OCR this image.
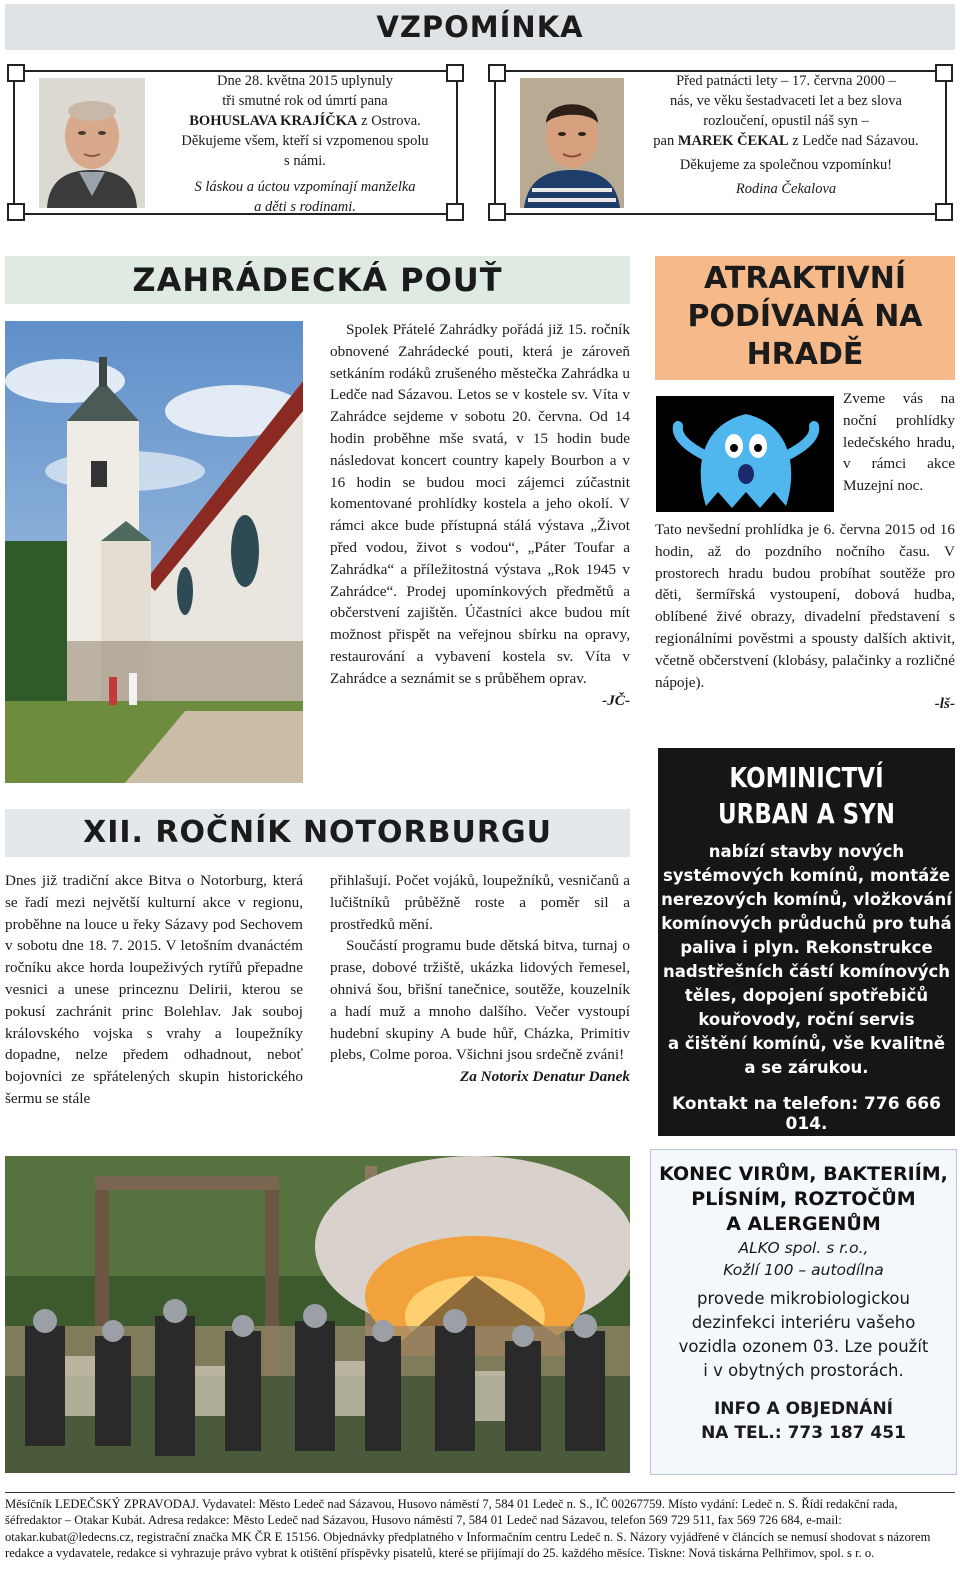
VZPOMÍNKA

Dne 28. května 2015 uplynuly

tři smutné rok od úmrtí pana

BOHUSLAVA KRAJÍČKA z Ostrova.

Děkujeme všem, kteří si vzpomenou spolu

s námi.

S láskou a úctou vzpomínají manželka

a děti s rodinami.

Před patnácti lety – 17. června 2000 –

nás, ve věku šestadvaceti let a bez slova

rozloučení, opustil náš syn –

pan MAREK ČEKAL z Ledče nad Sázavou.

Děkujeme za společnou vzpomínku!

Rodina Čekalova

ZAHRÁDECKÁ POUŤ

Spolek Přátelé Zahrádky pořádá již 15. ročník obnovené Zahrádecké pouti, která je zároveň setkáním rodáků zrušeného městečka Zahrádka u Ledče nad Sázavou. Letos se v kostele sv. Víta v Zahrádce sejdeme v sobotu 20. června. Od 14 hodin proběhne mše svatá, v 15 hodin bude následovat koncert country kapely Bourbon a v 16 hodin se budou moci zájemci zúčastnit komentované prohlídky kostela a jeho okolí. V rámci akce bude přístupná stálá výstava „Život před vodou, život s vodou“, „Páter Toufar a Zahrádka“ a příležitostná výstava „Rok 1945 v Zahrádce“. Prodej upomínkových předmětů a občerstvení zajištěn. Účastníci akce budou mít možnost přispět na veřejnou sbírku na opravy, restaurování a vybavení kostela sv. Víta v Zahrádce a seznámit se s průběhem oprav.

-JČ-

ATRAKTIVNÍ
PODÍVANÁ NA
HRADĚ

Zveme vás na noční prohlídky ledečského hradu, v rámci akce Muzejní noc.

Tato nevšední prohlídka je 6. června 2015 od 16 hodin, až do pozdního nočního času. V prostorech hradu budou probíhat soutěže pro děti, šermířská vystoupení, dobová hudba, oblíbené živé obrazy, divadelní představení s regionálními pověstmi a spousty dalších aktivit, včetně občerstvení (klobásy, palačinky a rozličné nápoje).

-lš-

XII. ROČNÍK NOTORBURGU

Dnes již tradiční akce Bitva o Notorburg, která se řadí mezi největší kulturní akce v regionu, proběhne na louce u řeky Sázavy pod Sechovem v sobotu dne 18. 7. 2015. V letošním dvanáctém ročníku akce horda loupeživých rytířů přepadne vesnici a unese princeznu Delirii, kterou se pokusí zachránit princ Bolehlav. Jak souboj královského vojska s vrahy a loupežníky dopadne, nelze předem odhadnout, neboť bojovníci ze spřátelených skupin historického šermu se stále

přihlašují. Počet vojáků, loupežníků, vesničanů a lučištníků průběžně roste a poměr sil a prostředků mění.

Součástí programu bude dětská bitva, turnaj o prase, dobové tržiště, ukázka lidových řemesel, ohnivá šou, břišní tanečnice, soutěže, kouzelník a hadí muž a mnoho dalšího. Večer vystoupí hudební skupiny A bude hůř, Cházka, Primitiv plebs, Colme poroa. Všichni jsou srdečně zváni!

Za Notorix Denatur Danek

KOMINICTVÍ
URBAN A SYN
nabízí stavby nových
systémových komínů, montáže
nerezových komínů, vložkování
komínových průduchů pro tuhá
paliva i plyn. Rekonstrukce
nadstřešních částí komínových
těles, dopojení spotřebičů
kouřovody, roční servis
a čištění komínů, vše kvalitně
a se zárukou.
Kontakt na telefon: 776 666 014.
KONEC VIRŮM, BAKTERIÍM,
PLÍSNÍM, ROZTOČŮM
A ALERGENŮM
ALKO spol. s r.o.,
Kožlí 100 – autodílna
provede mikrobiologickou
dezinfekci interiéru vašeho
vozidla ozonem 03. Lze použít
i v obytných prostorách.
INFO A OBJEDNÁNÍ
NA TEL.: 773 187 451
Měsíčník LEDEČSKÝ ZPRAVODAJ. Vydavatel: Město Ledeč nad Sázavou, Husovo náměstí 7, 584 01 Ledeč n. S., IČ 00267759. Místo vydání: Ledeč n. S. Řídí redakční rada, šéfredaktor – Otakar Kubát. Adresa redakce: Město Ledeč nad Sázavou, Husovo náměstí 7, 584 01 Ledeč nad Sázavou, telefon 569 729 511, fax 569 726 684, e-mail: otakar.kubat@ledecns.cz, registrační značka MK ČR E 15156. Objednávky předplatného v Informačním centru Ledeč n. S. Názory vyjádřené v článcích se nemusí shodovat s názorem redakce a vydavatele, redakce si vyhrazuje právo vybrat k otištění příspěvky pisatelů, které se přijímají do 25. každého měsíce. Tiskne: Nová tiskárna Pelhřimov, spol. s r. o.
